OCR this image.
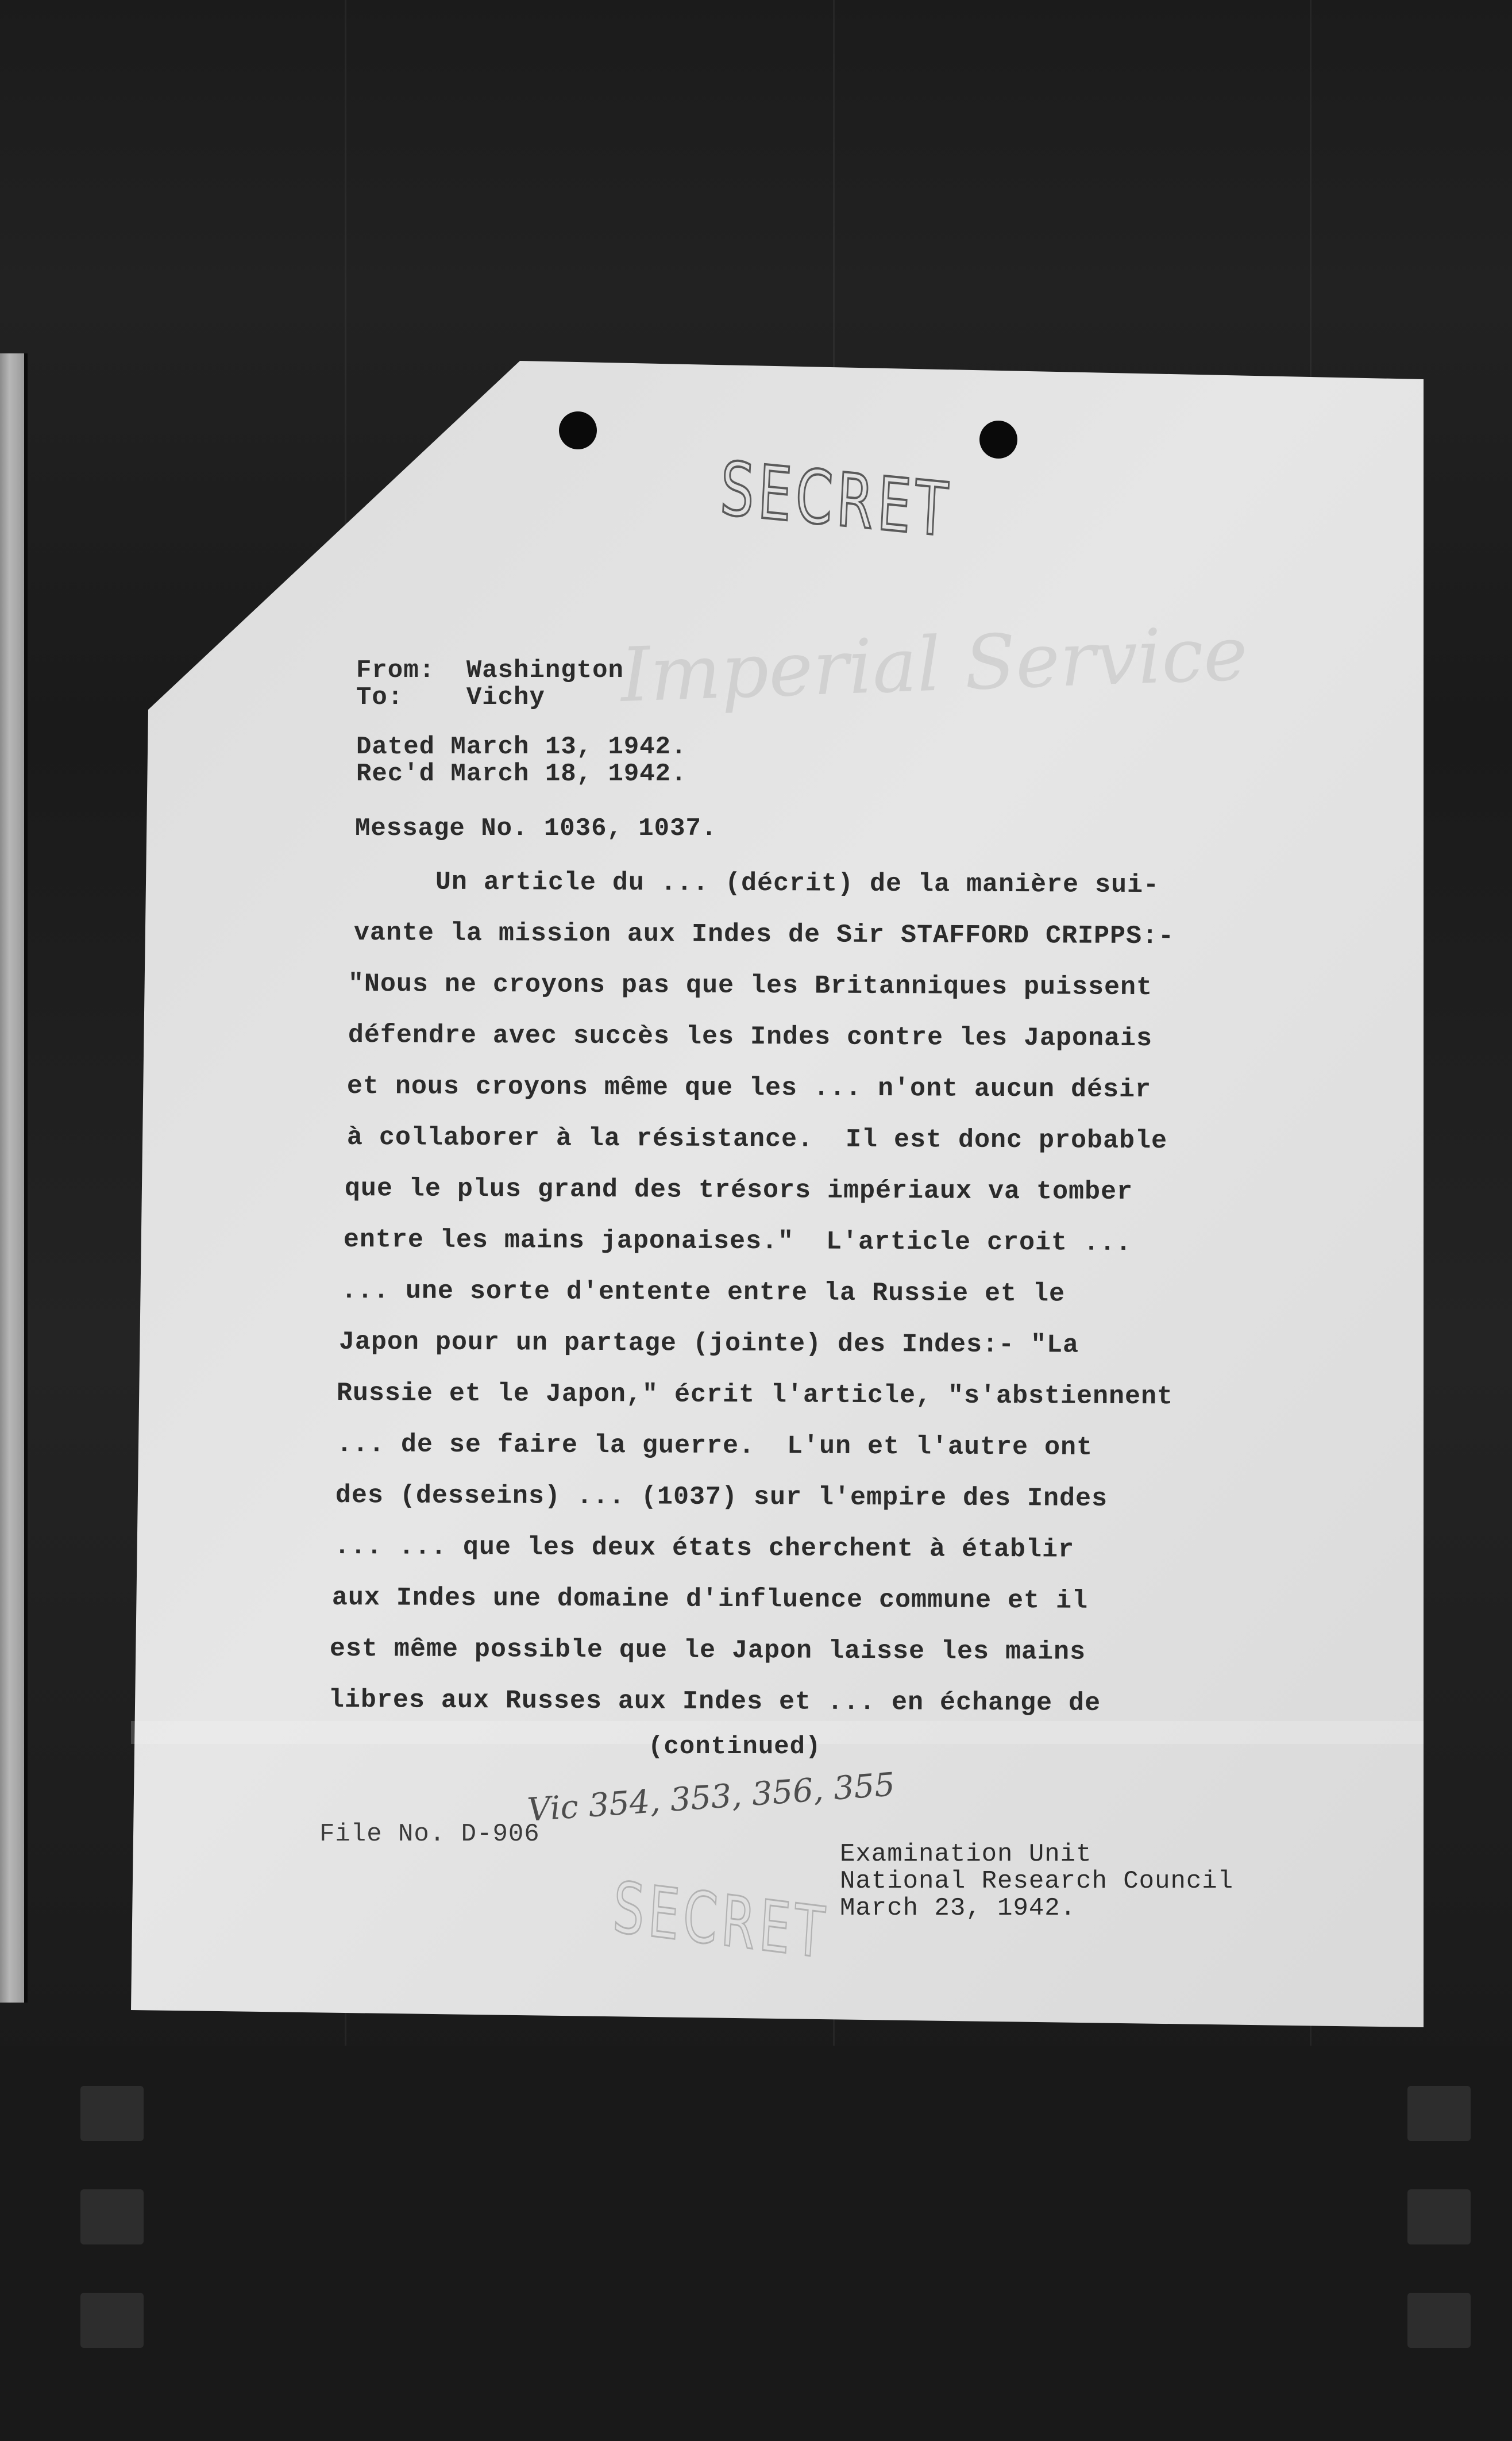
Imperial Service
SECRET
From: Washington
To: Vichy
Dated March 13, 1942.
Rec'd March 18, 1942.
Message No. 1036, 1037.
Un article du ... (décrit) de la manière sui-
vante la mission aux Indes de Sir STAFFORD CRIPPS:-
"Nous ne croyons pas que les Britanniques puissent
défendre avec succès les Indes contre les Japonais
et nous croyons même que les ... n'ont aucun désir
à collaborer à la résistance.  Il est donc probable
que le plus grand des trésors impériaux va tomber
entre les mains japonaises."  L'article croit ...
... une sorte d'entente entre la Russie et le
Japon pour un partage (jointe) des Indes:- "La
Russie et le Japon," écrit l'article, "s'abstiennent
... de se faire la guerre.  L'un et l'autre ont
des (desseins) ... (1037) sur l'empire des Indes
... ... que les deux états cherchent à établir
aux Indes une domaine d'influence commune et il
est même possible que le Japon laisse les mains
libres aux Russes aux Indes et ... en échange de
(continued)
File No. D-906
Vic 354, 353, 356, 355
Examination Unit
National Research Council
March 23, 1942.
SECRET
